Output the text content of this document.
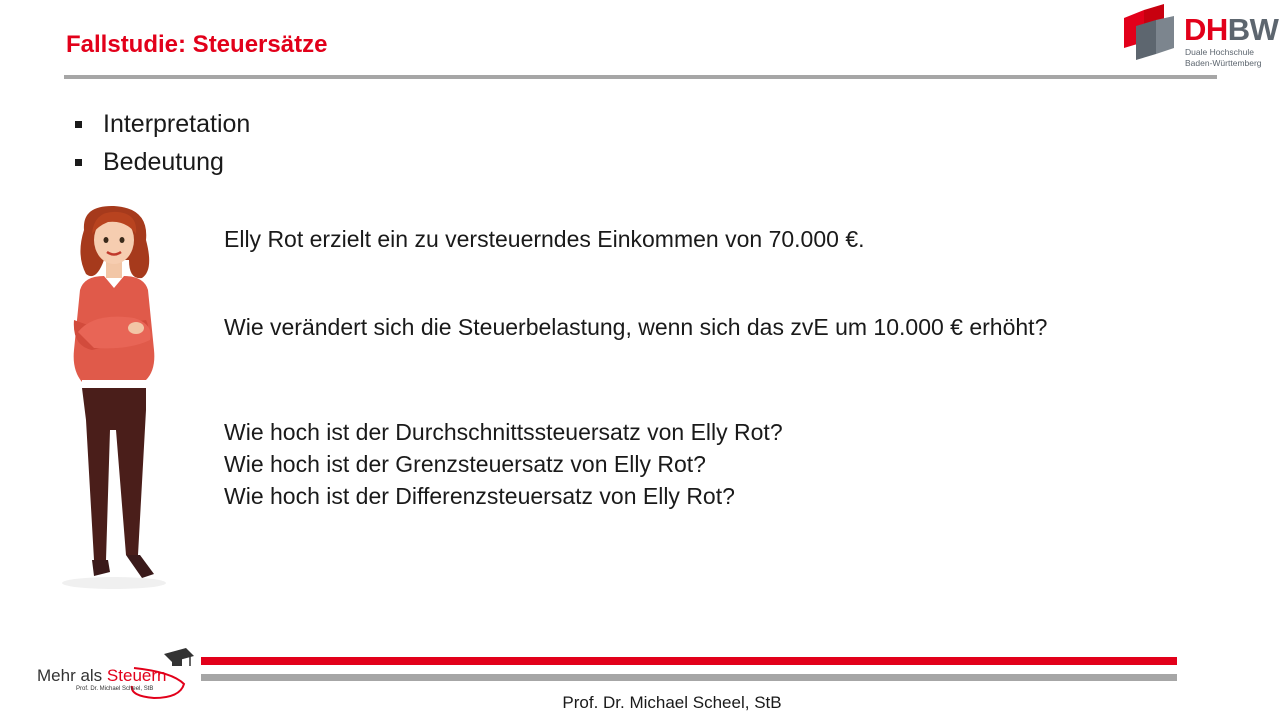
Fallstudie: Steuersätze	DHBW
Duale Hochschule
Baden-Württemberg
Interpretation
Bedeutung
Elly Rot erzielt ein zu versteuerndes Einkommen von 70.000 €.
Wie verändert sich die Steuerbelastung, wenn sich das zvE um 10.000 € erhöht?
Wie hoch ist der Durchschnittssteuersatz von Elly Rot?
Wie hoch ist der Grenzsteuersatz von Elly Rot?
Wie hoch ist der Differenzsteuersatz von Elly Rot?
Mehr als Steuern
Prof. Dr. Michael Scheel, StB
Prof. Dr. Michael Scheel, StB
